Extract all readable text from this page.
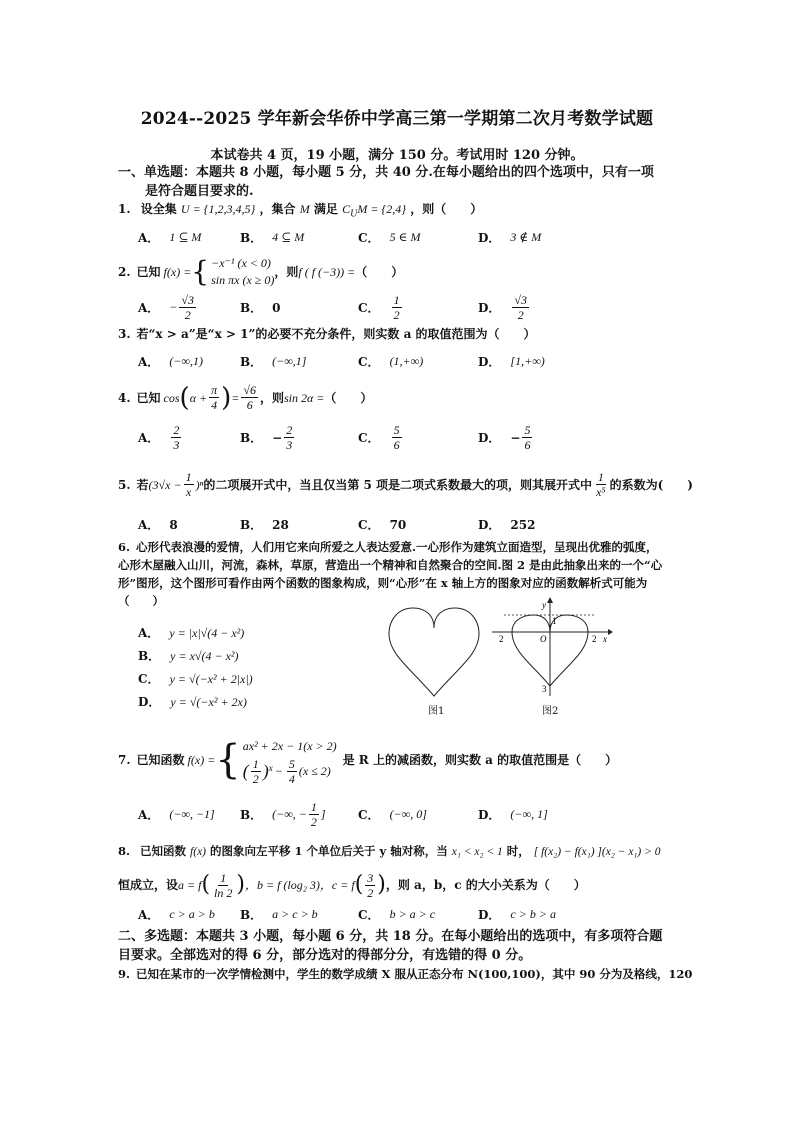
2024--2025 学年新会华侨中学高三第一学期第二次月考数学试题
本试卷共 4 页，19 小题，满分 150 分。考试用时 120 分钟。
一、单选题：本题共 8 小题，每小题 5 分，共 40 分.在每小题给出的四个选项中，只有一项
是符合题目要求的.
1. 设全集 U = {1,2,3,4,5} ，集合 M 满足 $C_UM = \{2,4\}$ ，则（　　）
A． 1 ⊆ M	B． 4 ⊆ M	C． 5 ∈ M	D． 3 ∉ M
2. 已知 f(x) = { −x⁻¹ (x < 0)
sin πx (x ≥ 0)
，则 f ( f (−3)) = （　　）
A． − $\frac{√3}{2}$	B． 0	C． $\frac{1}{2}$	D． $\frac{√3}{2}$
3. 若“x > a”是“x > 1”的必要不充分条件，则实数 a 的取值范围为（　　）
A． (−∞,1)	B． (−∞,1]	C． (1,+∞)	D． [1,+∞)
4. 已知 cos ( $\alpha + \frac{\pi}{4}$ ) = $\frac{√6}{6}$ ，则 sin 2α = （　　）
A． $\frac{2}{3}$	B． − $\frac{2}{3}$	C． $\frac{5}{6}$	D． − $\frac{5}{6}$
5. 若 $(3√x - \frac{1}{x} )^n$ 的二项展开式中，当且仅当第 5 项是二项式系数最大的项，则其展开式中 $\frac{1}{\text{x⁵}}$ 的系数为(　　)
A． 8	B． 28	C． 70	D． 252
6. 心形代表浪漫的爱情，人们用它来向所爱之人表达爱意.一心形作为建筑立面造型，呈现出优雅的弧度，
心形木屋融入山川，河流，森林，草原，营造出一个精神和自然聚合的空间.图 2 是由此抽象出来的一个“心
形”图形，这个图形可看作由两个函数的图象构成，则“心形”在 x 轴上方的图象对应的函数解析式可能为
（　　）
A． y = |x|√(4 − x²)
B． y = x√(4 − x²)
C． y = √(−x² + 2|x|)
D． y = √(−x² + 2x)
图1
y
x
O
2	2
1
3
图2
7. 已知函数 f(x) = { ax² + 2x − 1(x > 2)
( $\frac{1}{2} )^x - \frac{5}{4} (x \le 2)$
是 R 上的减函数，则实数 a 的取值范围是（　　）
A． (−∞, −1] B． (−∞, − $\frac{1}{2}$ ]	C． (−∞, 0]	D． (−∞, 1]
8. 已知函数 f(x) 的图象向左平移 1 个单位后关于 y 轴对称，当 x₁ < x₂ < 1 时， [ f(x₂) − f(x₁) ](x₂ − x₁) > 0
恒成立，设 a = f ( $\frac{1}{\ln 2}$ ) ，b = f (log₂ 3)，c = f ( $\frac{3}{2}$ ) ，则 a，b，c 的大小关系为（　　）
A． c > a > b B． a > c > b	C． b > a > c	D． c > b > a
二、多选题：本题共 3 小题，每小题 6 分，共 18 分。在每小题给出的选项中，有多项符合题
目要求。全部选对的得 6 分，部分选对的得部分分，有选错的得 0 分。
9. 已知在某市的一次学情检测中，学生的数学成绩 X 服从正态分布 N(100,100)，其中 90 分为及格线，120
